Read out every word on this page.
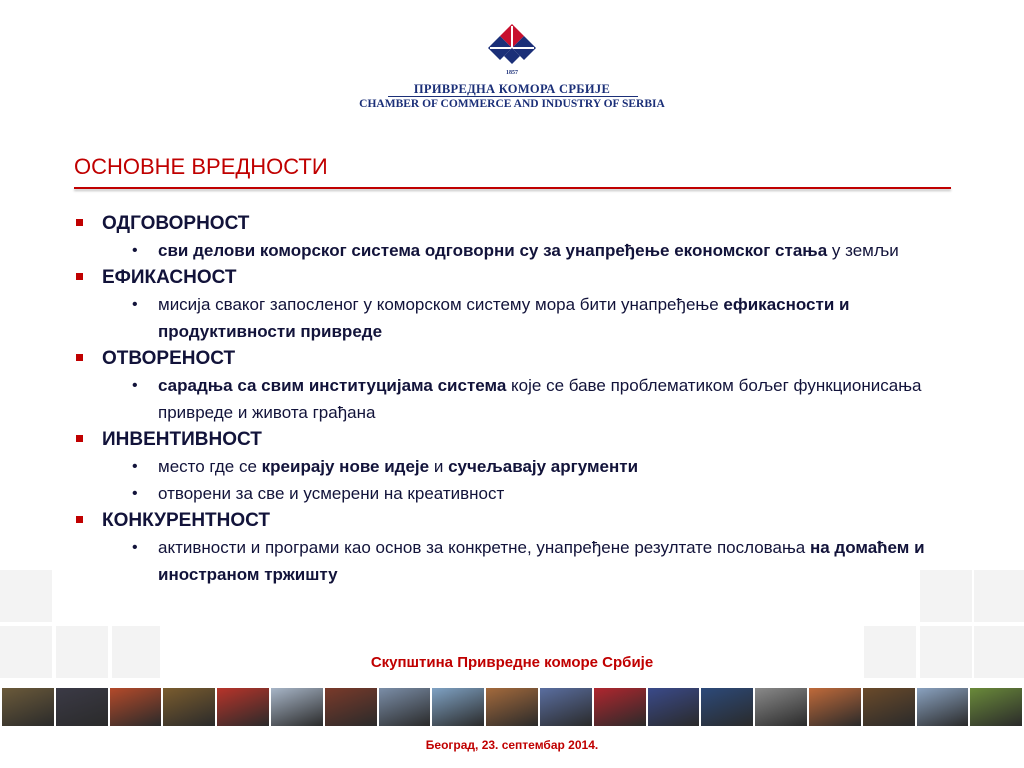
1857
ПРИВРЕДНА КОМОРА СРБИЈЕ
CHAMBER OF COMMERCE AND INDUSTRY OF SERBIA
ОСНОВНЕ ВРЕДНОСТИ
ОДГОВОРНОСТ
• сви делови коморског система одговорни су за унапређење економског стања у земљи
ЕФИКАСНОСТ
• мисија сваког запосленог у коморском систему мора бити унапређење ефикасности и продуктивности привреде
ОТВОРЕНОСТ
• сарадња са свим институцијама система које се баве проблематиком бољег функционисања привреде и живота грађана
ИНВЕНТИВНОСТ
• место где се креирају нове идеје и сучељавају аргументи
• отворени за све и усмерени на креативност
КОНКУРЕНТНОСТ
• активности и програми као основ за конкретне, унапређене резултате пословања на домаћем и иностраном тржишту
Скупштина Привредне коморе Србије
Београд, 23. септембар 2014.
